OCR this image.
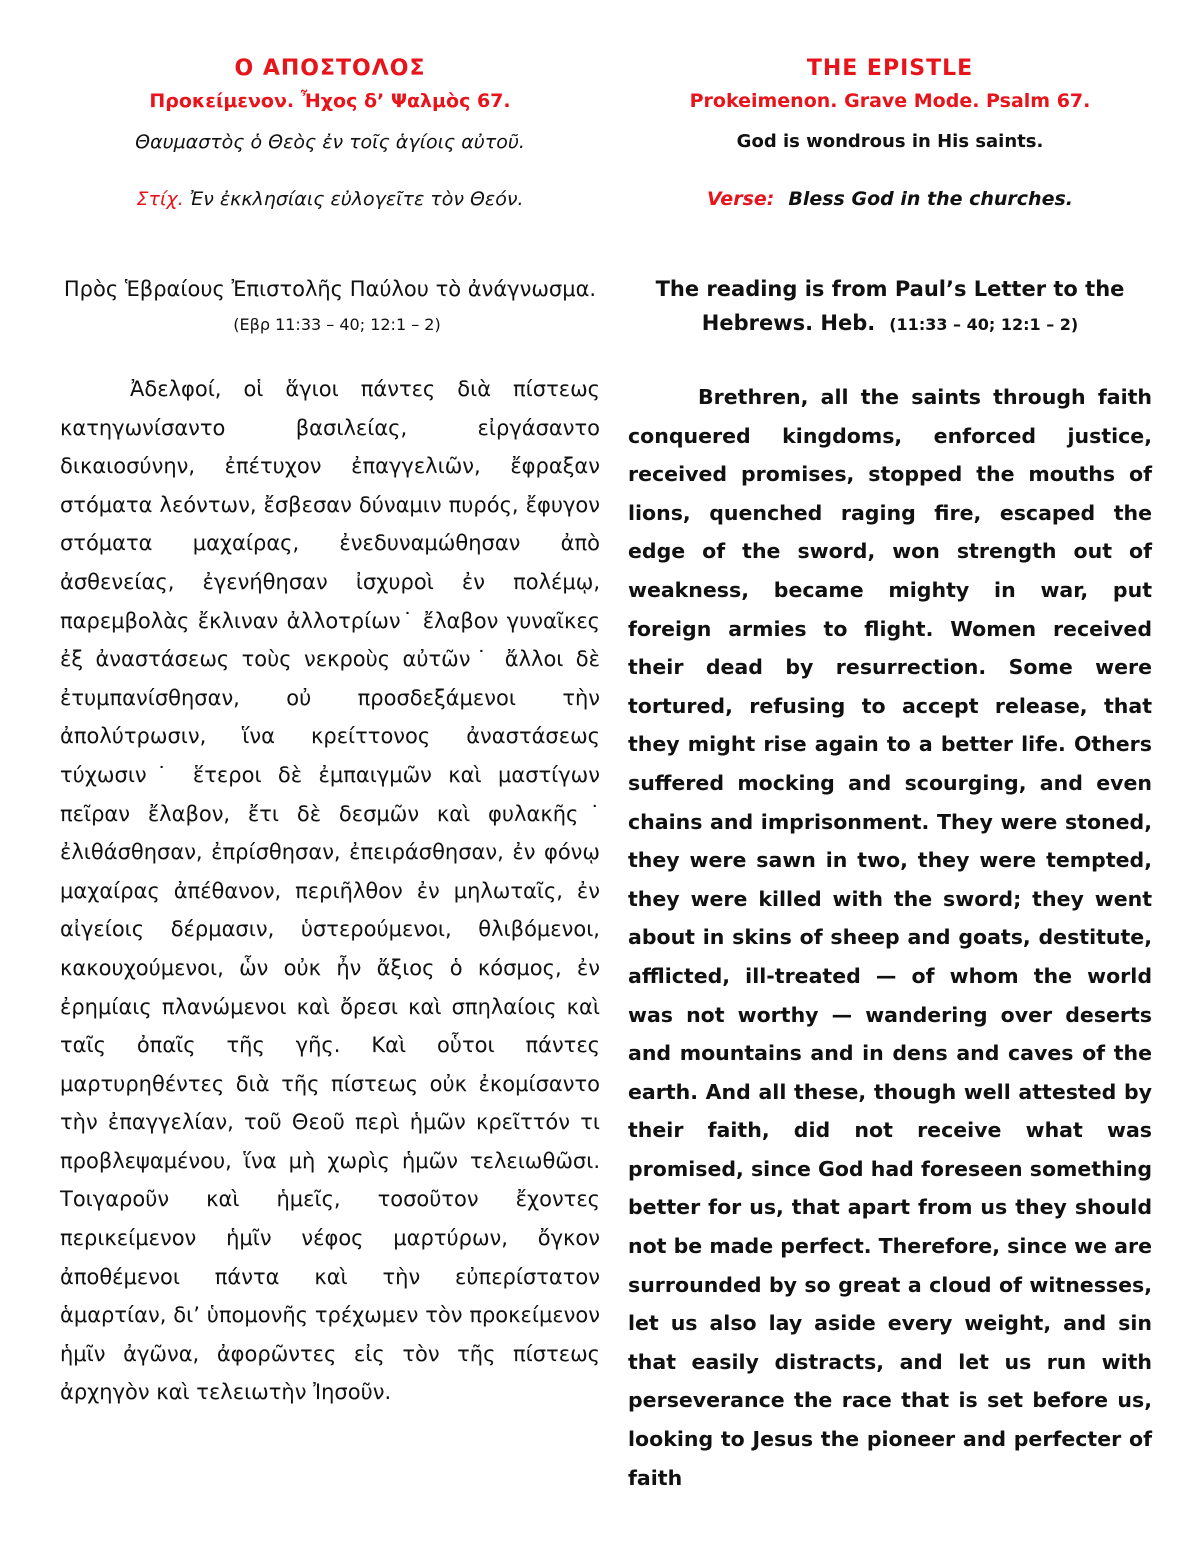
Ο ΑΠΟΣΤΟΛΟΣ

Προκείμενον. Ἦχος δ’ Ψαλμὸς 67.

Θαυμαστὸς ὁ Θεὸς ἐν τοῖς ἁγίοις αὐτοῦ.

Στίχ. Ἐν ἐκκλησίαις εὐλογεῖτε τὸν Θεόν.

Πρὸς Ἑβραίους Ἐπιστολῆς Παύλου τὸ ἀνάγνωσμα.(Εβρ 11:33 – 40; 12:1 – 2)

Ἀδελφοί, οἱ ἅγιοι πάντες διὰ πίστεως κατηγωνίσαντο βασιλείας, εἰργάσαντο δικαιοσύνην, ἐπέτυχον ἐπαγγελιῶν, ἔφραξαν στόματα λεόντων, ἔσβεσαν δύναμιν πυρός, ἔφυγον στόματα μαχαίρας, ἐνεδυναμώθησαν ἀπὸ ἀσθενείας, ἐγενήθησαν ἰσχυροὶ ἐν πολέμῳ, παρεμβολὰς ἔκλιναν ἀλλοτρίων˙ ἔλαβον γυναῖκες ἐξ ἀναστάσεως τοὺς νεκροὺς αὐτῶν˙ ἄλλοι δὲ ἐτυμπανίσθησαν, οὐ προσδεξάμενοι τὴν ἀπολύτρωσιν, ἵνα κρείττονος ἀναστάσεως τύχωσιν˙ ἕτεροι δὲ ἐμπαιγμῶν καὶ μαστίγων πεῖραν ἔλαβον, ἔτι δὲ δεσμῶν καὶ φυλακῆς˙ ἐλιθάσθησαν, ἐπρίσθησαν, ἐπειράσθησαν, ἐν φόνῳ μαχαίρας ἀπέθανον, περιῆλθον ἐν μηλωταῖς, ἐν αἰγείοις δέρμασιν, ὑστερούμενοι, θλιβόμενοι, κακουχούμενοι, ὧν οὐκ ἦν ἄξιος ὁ κόσμος, ἐν ἐρημίαις πλανώμενοι καὶ ὄρεσι καὶ σπηλαίοις καὶ ταῖς ὀπαῖς τῆς γῆς. Καὶ οὗτοι πάντες μαρτυρηθέντες διὰ τῆς πίστεως οὐκ ἐκομίσαντο τὴν ἐπαγγελίαν, τοῦ Θεοῦ περὶ ἡμῶν κρεῖττόν τι προβλεψαμένου, ἵνα μὴ χωρὶς ἡμῶν τελειωθῶσι. Τοιγαροῦν καὶ ἡμεῖς, τοσοῦτον ἔχοντες περικείμενον ἡμῖν νέφος μαρτύρων, ὄγκον ἀποθέμενοι πάντα καὶ τὴν εὐπερίστατον ἁμαρτίαν, δι’ ὑπομονῆς τρέχωμεν τὸν προκείμενον ἡμῖν ἀγῶνα, ἀφορῶντες εἰς τὸν τῆς πίστεως ἀρχηγὸν καὶ τελειωτὴν Ἰησοῦν.

THE EPISTLE

Prokeimenon. Grave Mode. Psalm 67.

God is wondrous in His saints.

Verse: Bless God in the churches.

The reading is from Paul’s Letter to the Hebrews. Heb. (11:33 – 40; 12:1 – 2)

Brethren, all the saints through faith conquered kingdoms, enforced justice, received promises, stopped the mouths of lions, quenched raging fire, escaped the edge of the sword, won strength out of weakness, became mighty in war, put foreign armies to flight. Women received their dead by resurrection. Some were tortured, refusing to accept release, that they might rise again to a better life. Others suffered mocking and scourging, and even chains and imprisonment. They were stoned, they were sawn in two, they were tempted, they were killed with the sword; they went about in skins of sheep and goats, destitute, afflicted, ill-treated — of whom the world was not worthy — wandering over deserts and mountains and in dens and caves of the earth. And all these, though well attested by their faith, did not receive what was promised, since God had foreseen something better for us, that apart from us they should not be made perfect. Therefore, since we are surrounded by so great a cloud of witnesses, let us also lay aside every weight, and sin that easily distracts, and let us run with perseverance the race that is set before us, looking to Jesus the pioneer and perfecter of faith
